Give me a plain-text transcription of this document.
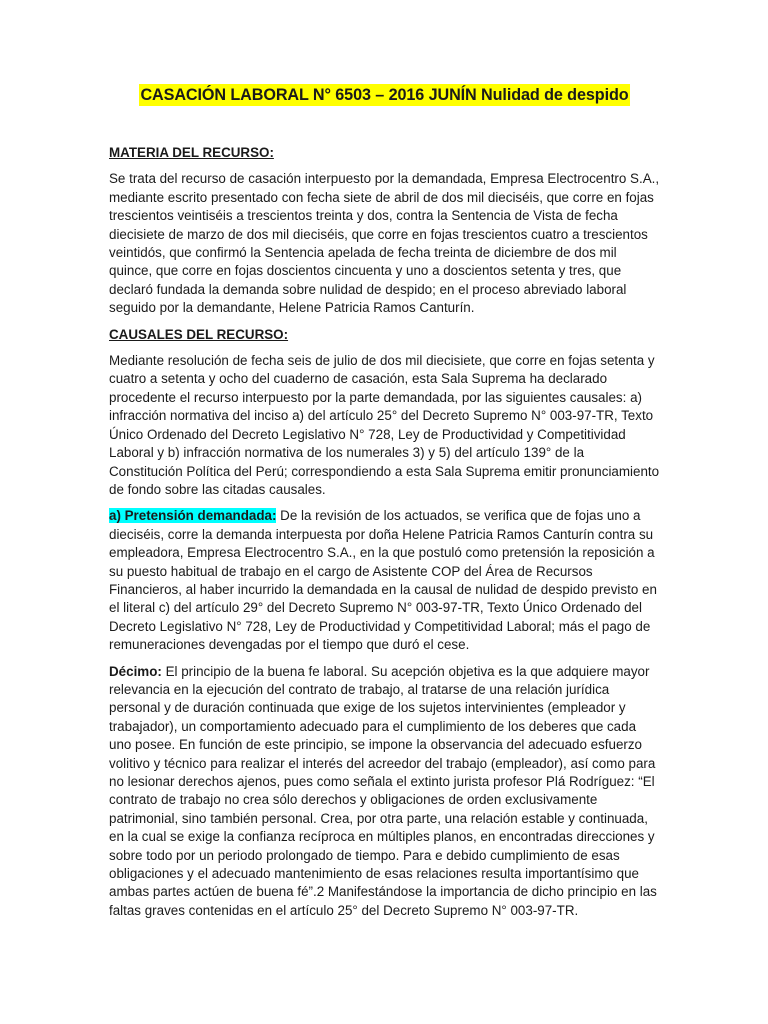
CASACIÓN LABORAL N° 6503 – 2016 JUNÍN Nulidad de despido

MATERIA DEL RECURSO:

Se trata del recurso de casación interpuesto por la demandada, Empresa Electrocentro S.A., mediante escrito presentado con fecha siete de abril de dos mil dieciséis, que corre en fojas trescientos veintiséis a trescientos treinta y dos, contra la Sentencia de Vista de fecha diecisiete de marzo de dos mil dieciséis, que corre en fojas trescientos cuatro a trescientos veintidós, que confirmó la Sentencia apelada de fecha treinta de diciembre de dos mil quince, que corre en fojas doscientos cincuenta y uno a doscientos setenta y tres, que declaró fundada la demanda sobre nulidad de despido; en el proceso abreviado laboral seguido por la demandante, Helene Patricia Ramos Canturín.

CAUSALES DEL RECURSO:

Mediante resolución de fecha seis de julio de dos mil diecisiete, que corre en fojas setenta y cuatro a setenta y ocho del cuaderno de casación, esta Sala Suprema ha declarado procedente el recurso interpuesto por la parte demandada, por las siguientes causales: a) infracción normativa del inciso a) del artículo 25° del Decreto Supremo N° 003-97-TR, Texto Único Ordenado del Decreto Legislativo N° 728, Ley de Productividad y Competitividad Laboral y b) infracción normativa de los numerales 3) y 5) del artículo 139° de la Constitución Política del Perú; correspondiendo a esta Sala Suprema emitir pronunciamiento de fondo sobre las citadas causales.

a) Pretensión demandada: De la revisión de los actuados, se verifica que de fojas uno a dieciséis, corre la demanda interpuesta por doña Helene Patricia Ramos Canturín contra su empleadora, Empresa Electrocentro S.A., en la que postuló como pretensión la reposición a su puesto habitual de trabajo en el cargo de Asistente COP del Área de Recursos Financieros, al haber incurrido la demandada en la causal de nulidad de despido previsto en el literal c) del artículo 29° del Decreto Supremo N° 003-97-TR, Texto Único Ordenado del Decreto Legislativo N° 728, Ley de Productividad y Competitividad Laboral; más el pago de remuneraciones devengadas por el tiempo que duró el cese.

Décimo: El principio de la buena fe laboral. Su acepción objetiva es la que adquiere mayor relevancia en la ejecución del contrato de trabajo, al tratarse de una relación jurídica personal y de duración continuada que exige de los sujetos intervinientes (empleador y trabajador), un comportamiento adecuado para el cumplimiento de los deberes que cada uno posee. En función de este principio, se impone la observancia del adecuado esfuerzo volitivo y técnico para realizar el interés del acreedor del trabajo (empleador), así como para no lesionar derechos ajenos, pues como señala el extinto jurista profesor Plá Rodríguez: “El contrato de trabajo no crea sólo derechos y obligaciones de orden exclusivamente patrimonial, sino también personal. Crea, por otra parte, una relación estable y continuada, en la cual se exige la confianza recíproca en múltiples planos, en encontradas direcciones y sobre todo por un periodo prolongado de tiempo. Para e debido cumplimiento de esas obligaciones y el adecuado mantenimiento de esas relaciones resulta importantísimo que ambas partes actúen de buena fé”.2 Manifestándose la importancia de dicho principio en las faltas graves contenidas en el artículo 25° del Decreto Supremo N° 003-97-TR.
